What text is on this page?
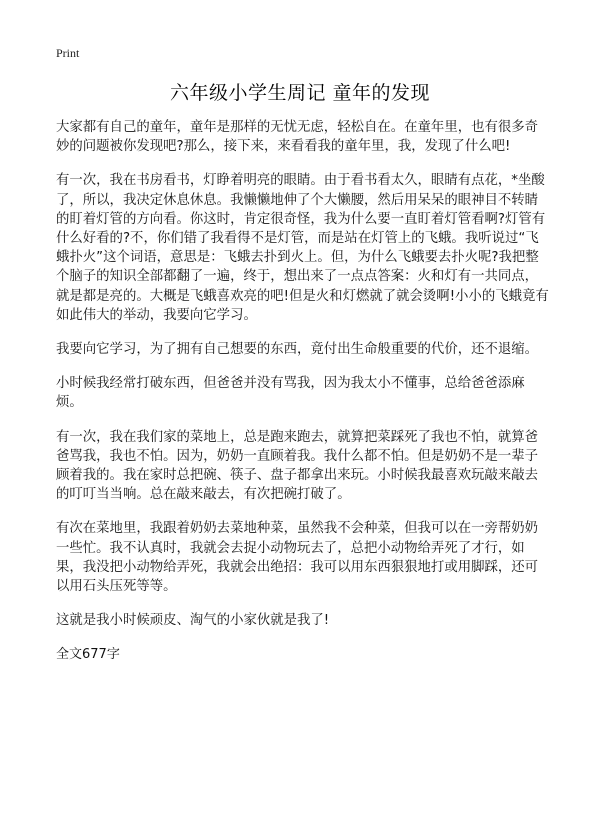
Print
六年级小学生周记 童年的发现

大家都有自己的童年，童年是那样的无忧无虑，轻松自在。在童年里，也有很多奇妙的问题被你发现吧?那么，接下来，来看看我的童年里，我，发现了什么吧!

有一次，我在书房看书，灯睁着明亮的眼睛。由于看书看太久，眼睛有点花，*坐酸了，所以，我决定休息休息。我懒懒地伸了个大懒腰，然后用呆呆的眼神目不转睛的盯着灯管的方向看。你这时，肯定很奇怪，我为什么要一直盯着灯管看啊?灯管有什么好看的?不，你们错了我看得不是灯管，而是站在灯管上的飞蛾。我听说过“飞蛾扑火”这个词语，意思是：飞蛾去扑到火上。但，为什么飞蛾要去扑火呢?我把整个脑子的知识全部都翻了一遍，终于，想出来了一点点答案：火和灯有一共同点，就是都是亮的。大概是飞蛾喜欢亮的吧!但是火和灯燃就了就会烫啊!小小的飞蛾竟有如此伟大的举动，我要向它学习。

我要向它学习，为了拥有自己想要的东西，竟付出生命般重要的代价，还不退缩。

小时候我经常打破东西，但爸爸并没有骂我，因为我太小不懂事，总给爸爸添麻烦。

有一次，我在我们家的菜地上，总是跑来跑去，就算把菜踩死了我也不怕，就算爸爸骂我，我也不怕。因为，奶奶一直顾着我。我什么都不怕。但是奶奶不是一辈子顾着我的。我在家时总把碗、筷子、盘子都拿出来玩。小时候我最喜欢玩敲来敲去的叮叮当当响。总在敲来敲去，有次把碗打破了。

有次在菜地里，我跟着奶奶去菜地种菜，虽然我不会种菜，但我可以在一旁帮奶奶一些忙。我不认真时，我就会去捉小动物玩去了，总把小动物给弄死了才行，如果，我没把小动物给弄死，我就会出绝招：我可以用东西狠狠地打或用脚踩，还可以用石头压死等等。

这就是我小时候顽皮、淘气的小家伙就是我了!

全文677字
